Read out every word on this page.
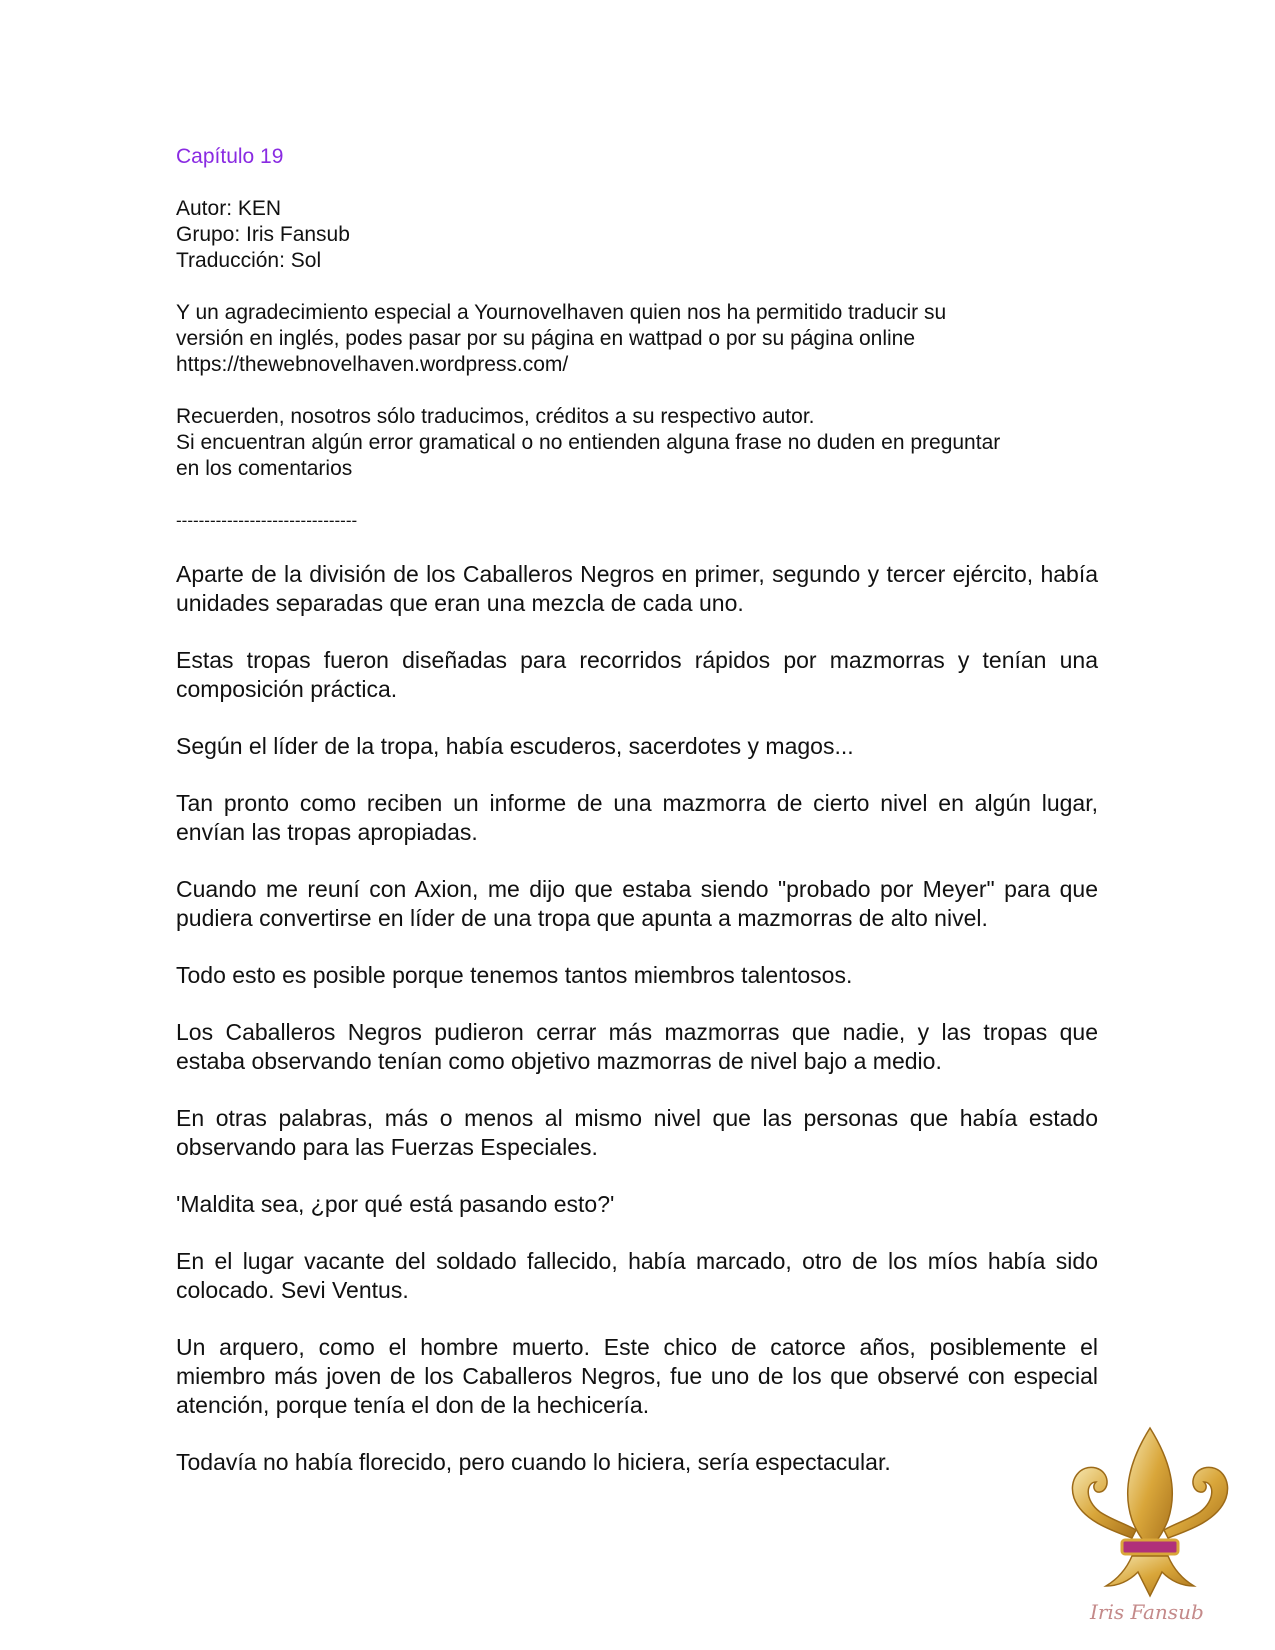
Capítulo 19

Autor: KEN

Grupo: Iris Fansub

Traducción: Sol

Y un agradecimiento especial a Yournovelhaven quien nos ha permitido traducir su

versión en inglés, podes pasar por su página en wattpad o por su página online

https://thewebnovelhaven.wordpress.com/

Recuerden, nosotros sólo traducimos, créditos a su respectivo autor.

Si encuentran algún error gramatical o no entienden alguna frase no duden en preguntar

en los comentarios

--------------------------------

Aparte de la división de los Caballeros Negros en primer, segundo y tercer ejército, había unidades separadas que eran una mezcla de cada uno.

Estas tropas fueron diseñadas para recorridos rápidos por mazmorras y tenían una composición práctica.

Según el líder de la tropa, había escuderos, sacerdotes y magos...

Tan pronto como reciben un informe de una mazmorra de cierto nivel en algún lugar, envían las tropas apropiadas.

Cuando me reuní con Axion, me dijo que estaba siendo "probado por Meyer" para que pudiera convertirse en líder de una tropa que apunta a mazmorras de alto nivel.

Todo esto es posible porque tenemos tantos miembros talentosos.

Los Caballeros Negros pudieron cerrar más mazmorras que nadie, y las tropas que estaba observando tenían como objetivo mazmorras de nivel bajo a medio.

En otras palabras, más o menos al mismo nivel que las personas que había estado observando para las Fuerzas Especiales.

'Maldita sea, ¿por qué está pasando esto?'

En el lugar vacante del soldado fallecido, había marcado, otro de los míos había sido colocado. Sevi Ventus.

Un arquero, como el hombre muerto. Este chico de catorce años, posiblemente el miembro más joven de los Caballeros Negros, fue uno de los que observé con especial atención, porque tenía el don de la hechicería.

Todavía no había florecido, pero cuando lo hiciera, sería espectacular.

Iris Fansub
